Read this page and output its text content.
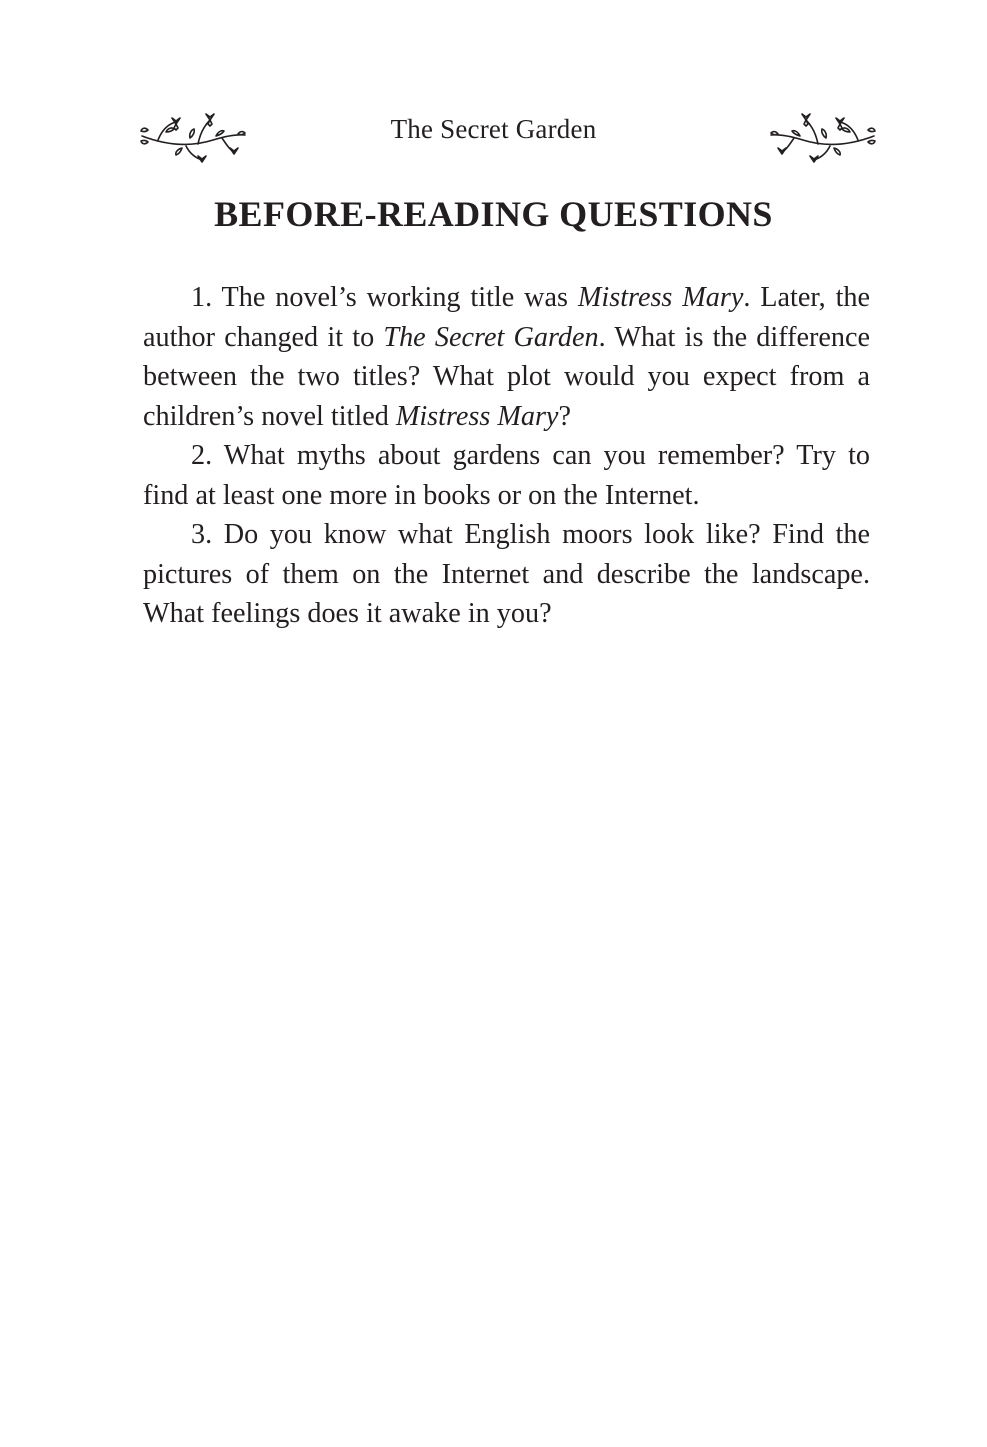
The Secret Garden
BEFORE-READING QUESTIONS

1. The novel’s working title was Mistress Mary. Later, the author changed it to The Secret Garden. What is the difference between the two titles? What plot would you expect from a children’s novel titled Mistress Mary?

2. What myths about gardens can you remember? Try to find at least one more in books or on the Internet.

3. Do you know what English moors look like? Find the pictures of them on the Internet and describe the landscape. What feelings does it awake in you?
